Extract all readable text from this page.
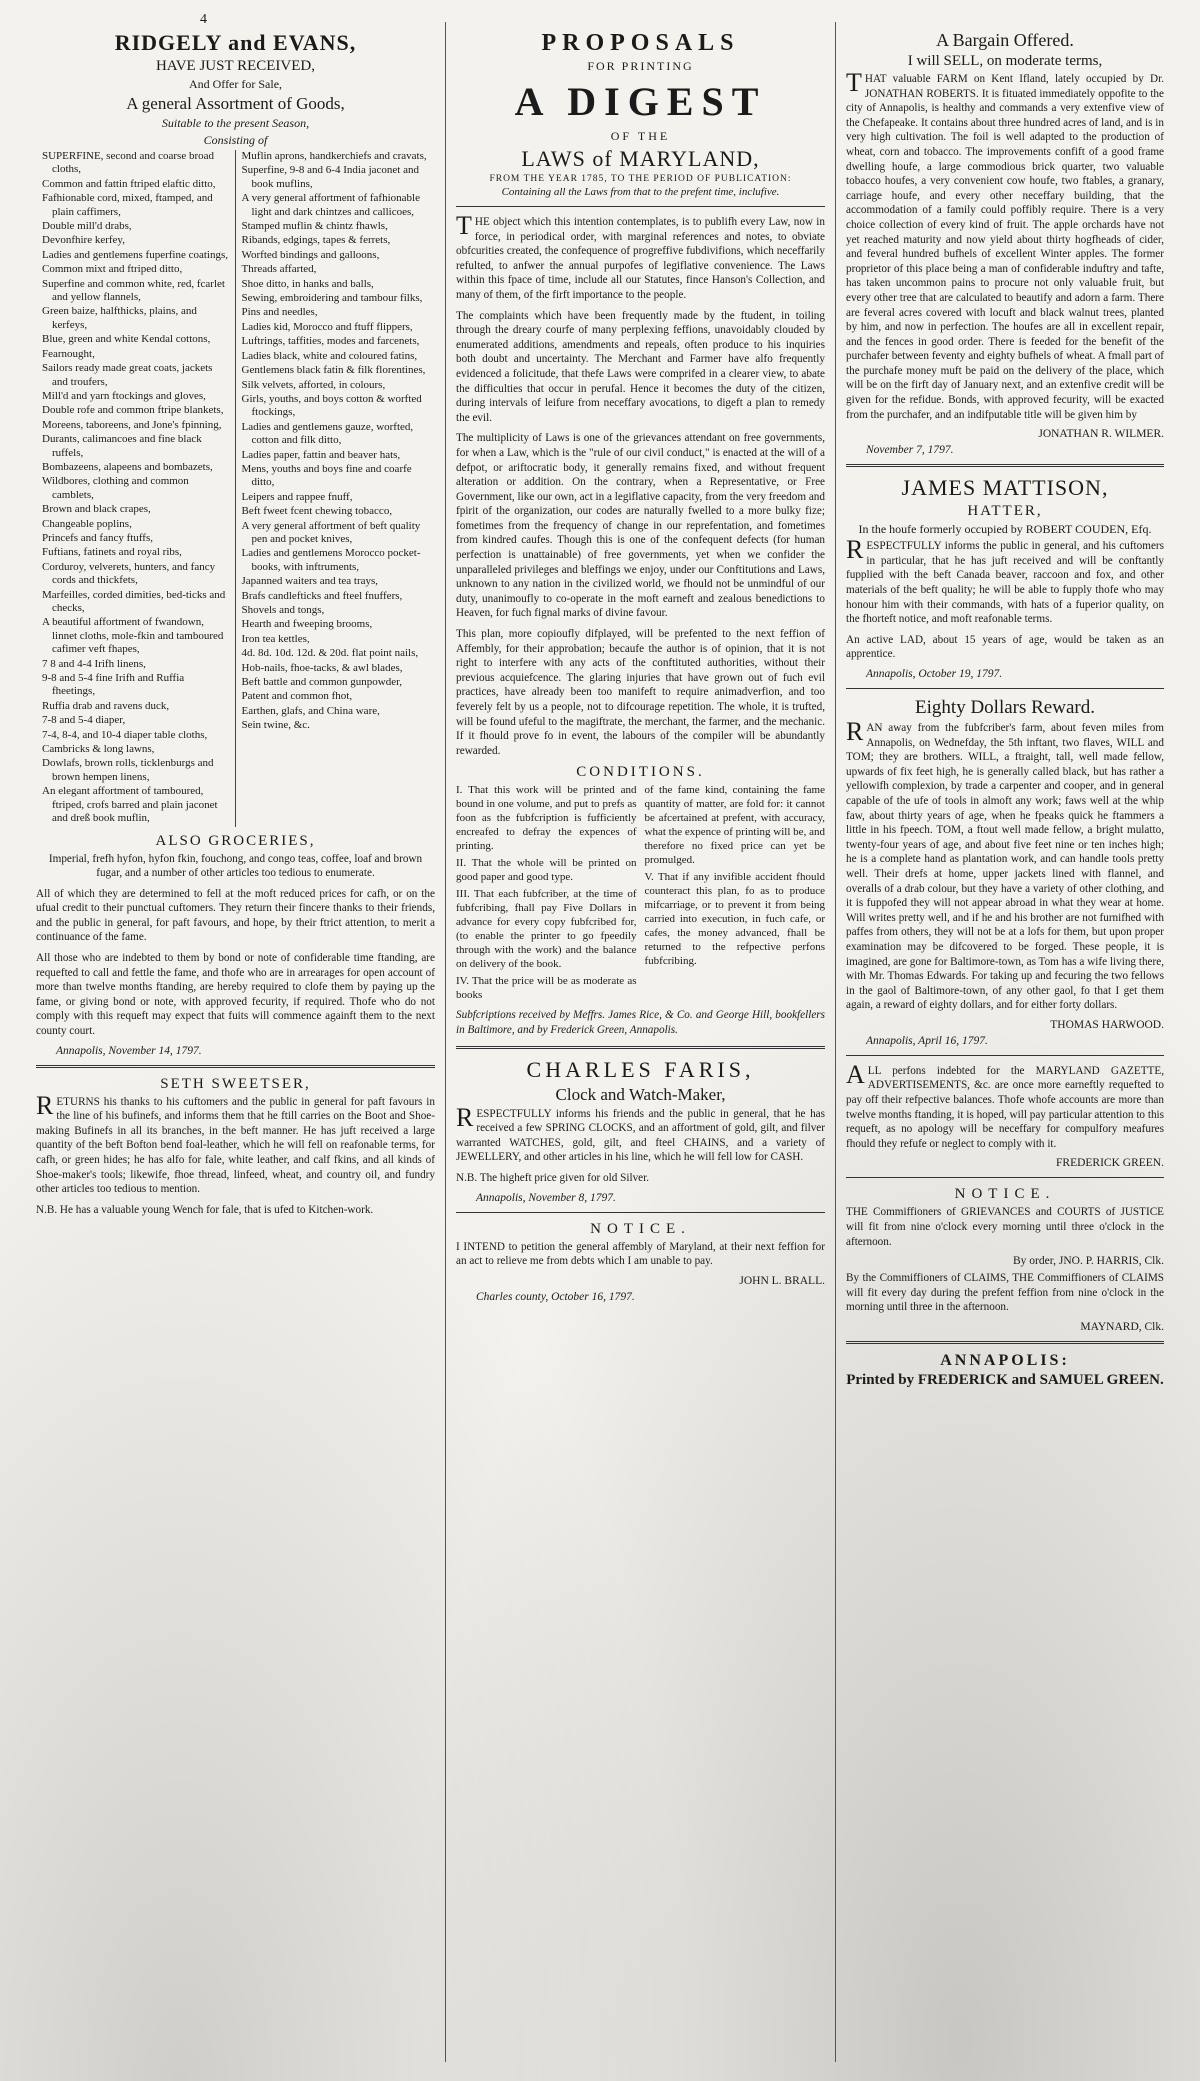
4
RIDGELY and EVANS,
HAVE JUST RECEIVED,
And Offer for Sale,
A general Assortment of Goods,
Suitable to the present Season,
Consisting of
SUPERFINE, second and coarse broad cloths,
Common and fattin ftriped elaftic ditto,
Fafhionable cord, mixed, ftamped, and plain caffimers,
Double mill'd drabs,
Devonfhire kerfey,
Ladies and gentlemens fuperfine coatings,
Common mixt and ftriped ditto,
Superfine and common white, red, fcarlet and yellow flannels,
Green baize, halfthicks, plains, and kerfeys,
Blue, green and white Kendal cottons,
Fearnought,
Sailors ready made great coats, jackets and troufers,
Mill'd and yarn ftockings and gloves,
Double rofe and common ftripe blankets,
Moreens, taboreens, and Jone's fpinning,
Durants, calimancoes and fine black ruffels,
Bombazeens, alapeens and bombazets,
Wildbores, clothing and common camblets,
Brown and black crapes,
Changeable poplins,
Princefs and fancy ftuffs,
Fuftians, fatinets and royal ribs,
Corduroy, velverets, hunters, and fancy cords and thickfets,
Marfeilles, corded dimities, bed-ticks and checks,
A beautiful affortment of fwandown, linnet cloths, mole-fkin and tamboured cafimer veft fhapes,
7 8 and 4-4 Irifh linens,
9-8 and 5-4 fine Irifh and Ruffia fheetings,
Ruffia drab and ravens duck,
7-8 and 5-4 diaper,
7-4, 8-4, and 10-4 diaper table cloths,
Cambricks & long lawns,
Dowlafs, brown rolls, ticklenburgs and brown hempen linens,
An elegant affortment of tamboured, ftriped, crofs barred and plain jaconet and dreß book muflin,
Muflin aprons, handkerchiefs and cravats,
Superfine, 9-8 and 6-4 India jaconet and book muflins,
A very general affortment of fafhionable light and dark chintzes and callicoes,
Stamped muflin & chintz fhawls,
Ribands, edgings, tapes & ferrets,
Worfted bindings and galloons,
Threads affarted,
Shoe ditto, in hanks and balls,
Sewing, embroidering and tambour filks,
Pins and needles,
Ladies kid, Morocco and ftuff flippers,
Luftrings, taffities, modes and farcenets,
Ladies black, white and coloured fatins,
Gentlemens black fatin & filk florentines,
Silk velvets, afforted, in colours,
Girls, youths, and boys cotton & worfted ftockings,
Ladies and gentlemens gauze, worfted, cotton and filk ditto,
Ladies paper, fattin and beaver hats,
Mens, youths and boys fine and coarfe ditto,
Leipers and rappee fnuff,
Beft fweet fcent chewing tobacco,
A very general affortment of beft quality pen and pocket knives,
Ladies and gentlemens Morocco pocket-books, with inftruments,
Japanned waiters and tea trays,
Brafs candlefticks and fteel fnuffers,
Shovels and tongs,
Hearth and fweeping brooms,
Iron tea kettles,
4d. 8d. 10d. 12d. & 20d. flat point nails,
Hob-nails, fhoe-tacks, & awl blades,
Beft battle and common gunpowder,
Patent and common fhot,
Earthen, glafs, and China ware,
Sein twine, &c.
ALSO GROCERIES,

Imperial, frefh hyfon, hyfon fkin, fouchong, and congo teas, coffee, loaf and brown fugar, and a number of other articles too tedious to enumerate.

All of which they are determined to fell at the moft reduced prices for cafh, or on the ufual credit to their punctual cuftomers. They return their fincere thanks to their friends, and the public in general, for paft favours, and hope, by their ftrict attention, to merit a continuance of the fame.

All those who are indebted to them by bond or note of confiderable time ftanding, are requefted to call and fettle the fame, and thofe who are in arrearages for open account of more than twelve months ftanding, are hereby required to clofe them by paying up the fame, or giving bond or note, with approved fecurity, if required. Thofe who do not comply with this requeft may expect that fuits will commence againft them to the next county court.

Annapolis, November 14, 1797.
SETH SWEETSER,

RETURNS his thanks to his cuftomers and the public in general for paft favours in the line of his bufinefs, and informs them that he ftill carries on the Boot and Shoe-making Bufinefs in all its branches, in the beft manner. He has juft received a large quantity of the beft Bofton bend foal-leather, which he will fell on reafonable terms, for cafh, or green hides; he has alfo for fale, white leather, and calf fkins, and all kinds of Shoe-maker's tools; likewife, fhoe thread, linfeed, wheat, and country oil, and fundry other articles too tedious to mention.

N.B. He has a valuable young Wench for fale, that is ufed to Kitchen-work.

PROPOSALS
FOR PRINTING
A DIGEST
OF THE
LAWS of MARYLAND,
FROM THE YEAR 1785, TO THE PERIOD OF PUBLICATION:
Containing all the Laws from that to the prefent time, inclufive.

THE object which this intention contemplates, is to publifh every Law, now in force, in periodical order, with marginal references and notes, to obviate obfcurities created, the confequence of progreffive fubdivifions, which neceffarily refulted, to anfwer the annual purpofes of legiflative convenience. The Laws within this fpace of time, include all our Statutes, fince Hanson's Collection, and many of them, of the firft importance to the people.

The complaints which have been frequently made by the ftudent, in toiling through the dreary courfe of many perplexing feffions, unavoidably clouded by enumerated additions, amendments and repeals, often produce to his inquiries both doubt and uncertainty. The Merchant and Farmer have alfo frequently evidenced a folicitude, that thefe Laws were comprifed in a clearer view, to abate the difficulties that occur in perufal. Hence it becomes the duty of the citizen, during intervals of leifure from neceffary avocations, to digeft a plan to remedy the evil.

The multiplicity of Laws is one of the grievances attendant on free governments, for when a Law, which is the "rule of our civil conduct," is enacted at the will of a defpot, or ariftocratic body, it generally remains fixed, and without frequent alteration or addition. On the contrary, when a Representative, or Free Government, like our own, act in a legiflative capacity, from the very freedom and fpirit of the organization, our codes are naturally fwelled to a more bulky fize; fometimes from the frequency of change in our reprefentation, and fometimes from kindred caufes. Though this is one of the confequent defects (for human perfection is unattainable) of free governments, yet when we confider the unparalleled privileges and bleffings we enjoy, under our Conftitutions and Laws, unknown to any nation in the civilized world, we fhould not be unmindful of our duty, unanimoufly to co-operate in the moft earneft and zealous benedictions to Heaven, for fuch fignal marks of divine favour.

This plan, more copioufly difplayed, will be prefented to the next feffion of Affembly, for their approbation; becaufe the author is of opinion, that it is not right to interfere with any acts of the conftituted authorities, without their previous acquiefcence. The glaring injuries that have grown out of fuch evil practices, have already been too manifeft to require animadverfion, and too feverely felt by us a people, not to difcourage repetition. The whole, it is trufted, will be found ufeful to the magiftrate, the merchant, the farmer, and the mechanic. If it fhould prove fo in event, the labours of the compiler will be abundantly rewarded.

CONDITIONS.
I. That this work will be printed and bound in one volume, and put to prefs as foon as the fubfcription is fufficiently encreafed to defray the expences of printing.
II. That the whole will be printed on good paper and good type.
III. That each fubfcriber, at the time of fubfcribing, fhall pay Five Dollars in advance for every copy fubfcribed for, (to enable the printer to go fpeedily through with the work) and the balance on delivery of the book.
IV. That the price will be as moderate as books
of the fame kind, containing the fame quantity of matter, are fold for: it cannot be afcertained at prefent, with accuracy, what the expence of printing will be, and therefore no fixed price can yet be promulged.
V. That if any invifible accident fhould counteract this plan, fo as to produce mifcarriage, or to prevent it from being carried into execution, in fuch cafe, or cafes, the money advanced, fhall be returned to the refpective perfons fubfcribing.

Subfcriptions received by Meffrs. James Rice, & Co. and George Hill, bookfellers in Baltimore, and by Frederick Green, Annapolis.

CHARLES FARIS,
Clock and Watch-Maker,

RESPECTFULLY informs his friends and the public in general, that he has received a few SPRING CLOCKS, and an affortment of gold, gilt, and filver warranted WATCHES, gold, gilt, and fteel CHAINS, and a variety of JEWELLERY, and other articles in his line, which he will fell low for CASH.

N.B. The higheft price given for old Silver.

Annapolis, November 8, 1797.
NOTICE.

I INTEND to petition the general affembly of Maryland, at their next feffion for an act to relieve me from debts which I am unable to pay.

JOHN L. BRALL.
Charles county, October 16, 1797.
A Bargain Offered.
I will SELL, on moderate terms,

THAT valuable FARM on Kent Ifland, lately occupied by Dr. JONATHAN ROBERTS. It is fituated immediately oppofite to the city of Annapolis, is healthy and commands a very extenfive view of the Chefapeake. It contains about three hundred acres of land, and is in very high cultivation. The foil is well adapted to the production of wheat, corn and tobacco. The improvements confift of a good frame dwelling houfe, a large commodious brick quarter, two valuable tobacco houfes, a very convenient cow houfe, two ftables, a granary, carriage houfe, and every other neceffary building, that the accommodation of a family could poffibly require. There is a very choice collection of every kind of fruit. The apple orchards have not yet reached maturity and now yield about thirty hogfheads of cider, and feveral hundred bufhels of excellent Winter apples. The former proprietor of this place being a man of confiderable induftry and tafte, has taken uncommon pains to procure not only valuable fruit, but every other tree that are calculated to beautify and adorn a farm. There are feveral acres covered with locuft and black walnut trees, planted by him, and now in perfection. The houfes are all in excellent repair, and the fences in good order. There is feeded for the benefit of the purchafer between feventy and eighty bufhels of wheat. A fmall part of the purchafe money muft be paid on the delivery of the place, which will be on the firft day of January next, and an extenfive credit will be given for the refidue. Bonds, with approved fecurity, will be exacted from the purchafer, and an indifputable title will be given him by

JONATHAN R. WILMER.
November 7, 1797.
JAMES MATTISON,
HATTER,
In the houfe formerly occupied by ROBERT COUDEN, Efq.

RESPECTFULLY informs the public in general, and his cuftomers in particular, that he has juft received and will be conftantly fupplied with the beft Canada beaver, raccoon and fox, and other materials of the beft quality; he will be able to fupply thofe who may honour him with their commands, with hats of a fuperior quality, on the fhorteft notice, and moft reafonable terms.

An active LAD, about 15 years of age, would be taken as an apprentice.

Annapolis, October 19, 1797.
Eighty Dollars Reward.

RAN away from the fubfcriber's farm, about feven miles from Annapolis, on Wednefday, the 5th inftant, two flaves, WILL and TOM; they are brothers. WILL, a ftraight, tall, well made fellow, upwards of fix feet high, he is generally called black, but has rather a yellowifh complexion, by trade a carpenter and cooper, and in general capable of the ufe of tools in almoft any work; faws well at the whip faw, about thirty years of age, when he fpeaks quick he ftammers a little in his fpeech. TOM, a ftout well made fellow, a bright mulatto, twenty-four years of age, and about five feet nine or ten inches high; he is a complete hand as plantation work, and can handle tools pretty well. Their drefs at home, upper jackets lined with flannel, and overalls of a drab colour, but they have a variety of other clothing, and it is fuppofed they will not appear abroad in what they wear at home. Will writes pretty well, and if he and his brother are not furnifhed with paffes from others, they will not be at a lofs for them, but upon proper examination may be difcovered to be forged. These people, it is imagined, are gone for Baltimore-town, as Tom has a wife living there, with Mr. Thomas Edwards. For taking up and fecuring the two fellows in the gaol of Baltimore-town, of any other gaol, fo that I get them again, a reward of eighty dollars, and for either forty dollars.

THOMAS HARWOOD.
Annapolis, April 16, 1797.

ALL perfons indebted for the MARYLAND GAZETTE, ADVERTISEMENTS, &c. are once more earneftly requefted to pay off their refpective balances. Thofe whofe accounts are more than twelve months ftanding, it is hoped, will pay particular attention to this requeft, as no apology will be neceffary for compulfory meafures fhould they refufe or neglect to comply with it.

FREDERICK GREEN.
NOTICE.

THE Commiffioners of GRIEVANCES and COURTS of JUSTICE will fit from nine o'clock every morning until three o'clock in the afternoon.

By order, JNO. P. HARRIS, Clk.

By the Commiffioners of CLAIMS, THE Commiffioners of CLAIMS will fit every day during the prefent feffion from nine o'clock in the morning until three in the afternoon.

MAYNARD, Clk.
ANNAPOLIS:
Printed by FREDERICK and SAMUEL GREEN.
